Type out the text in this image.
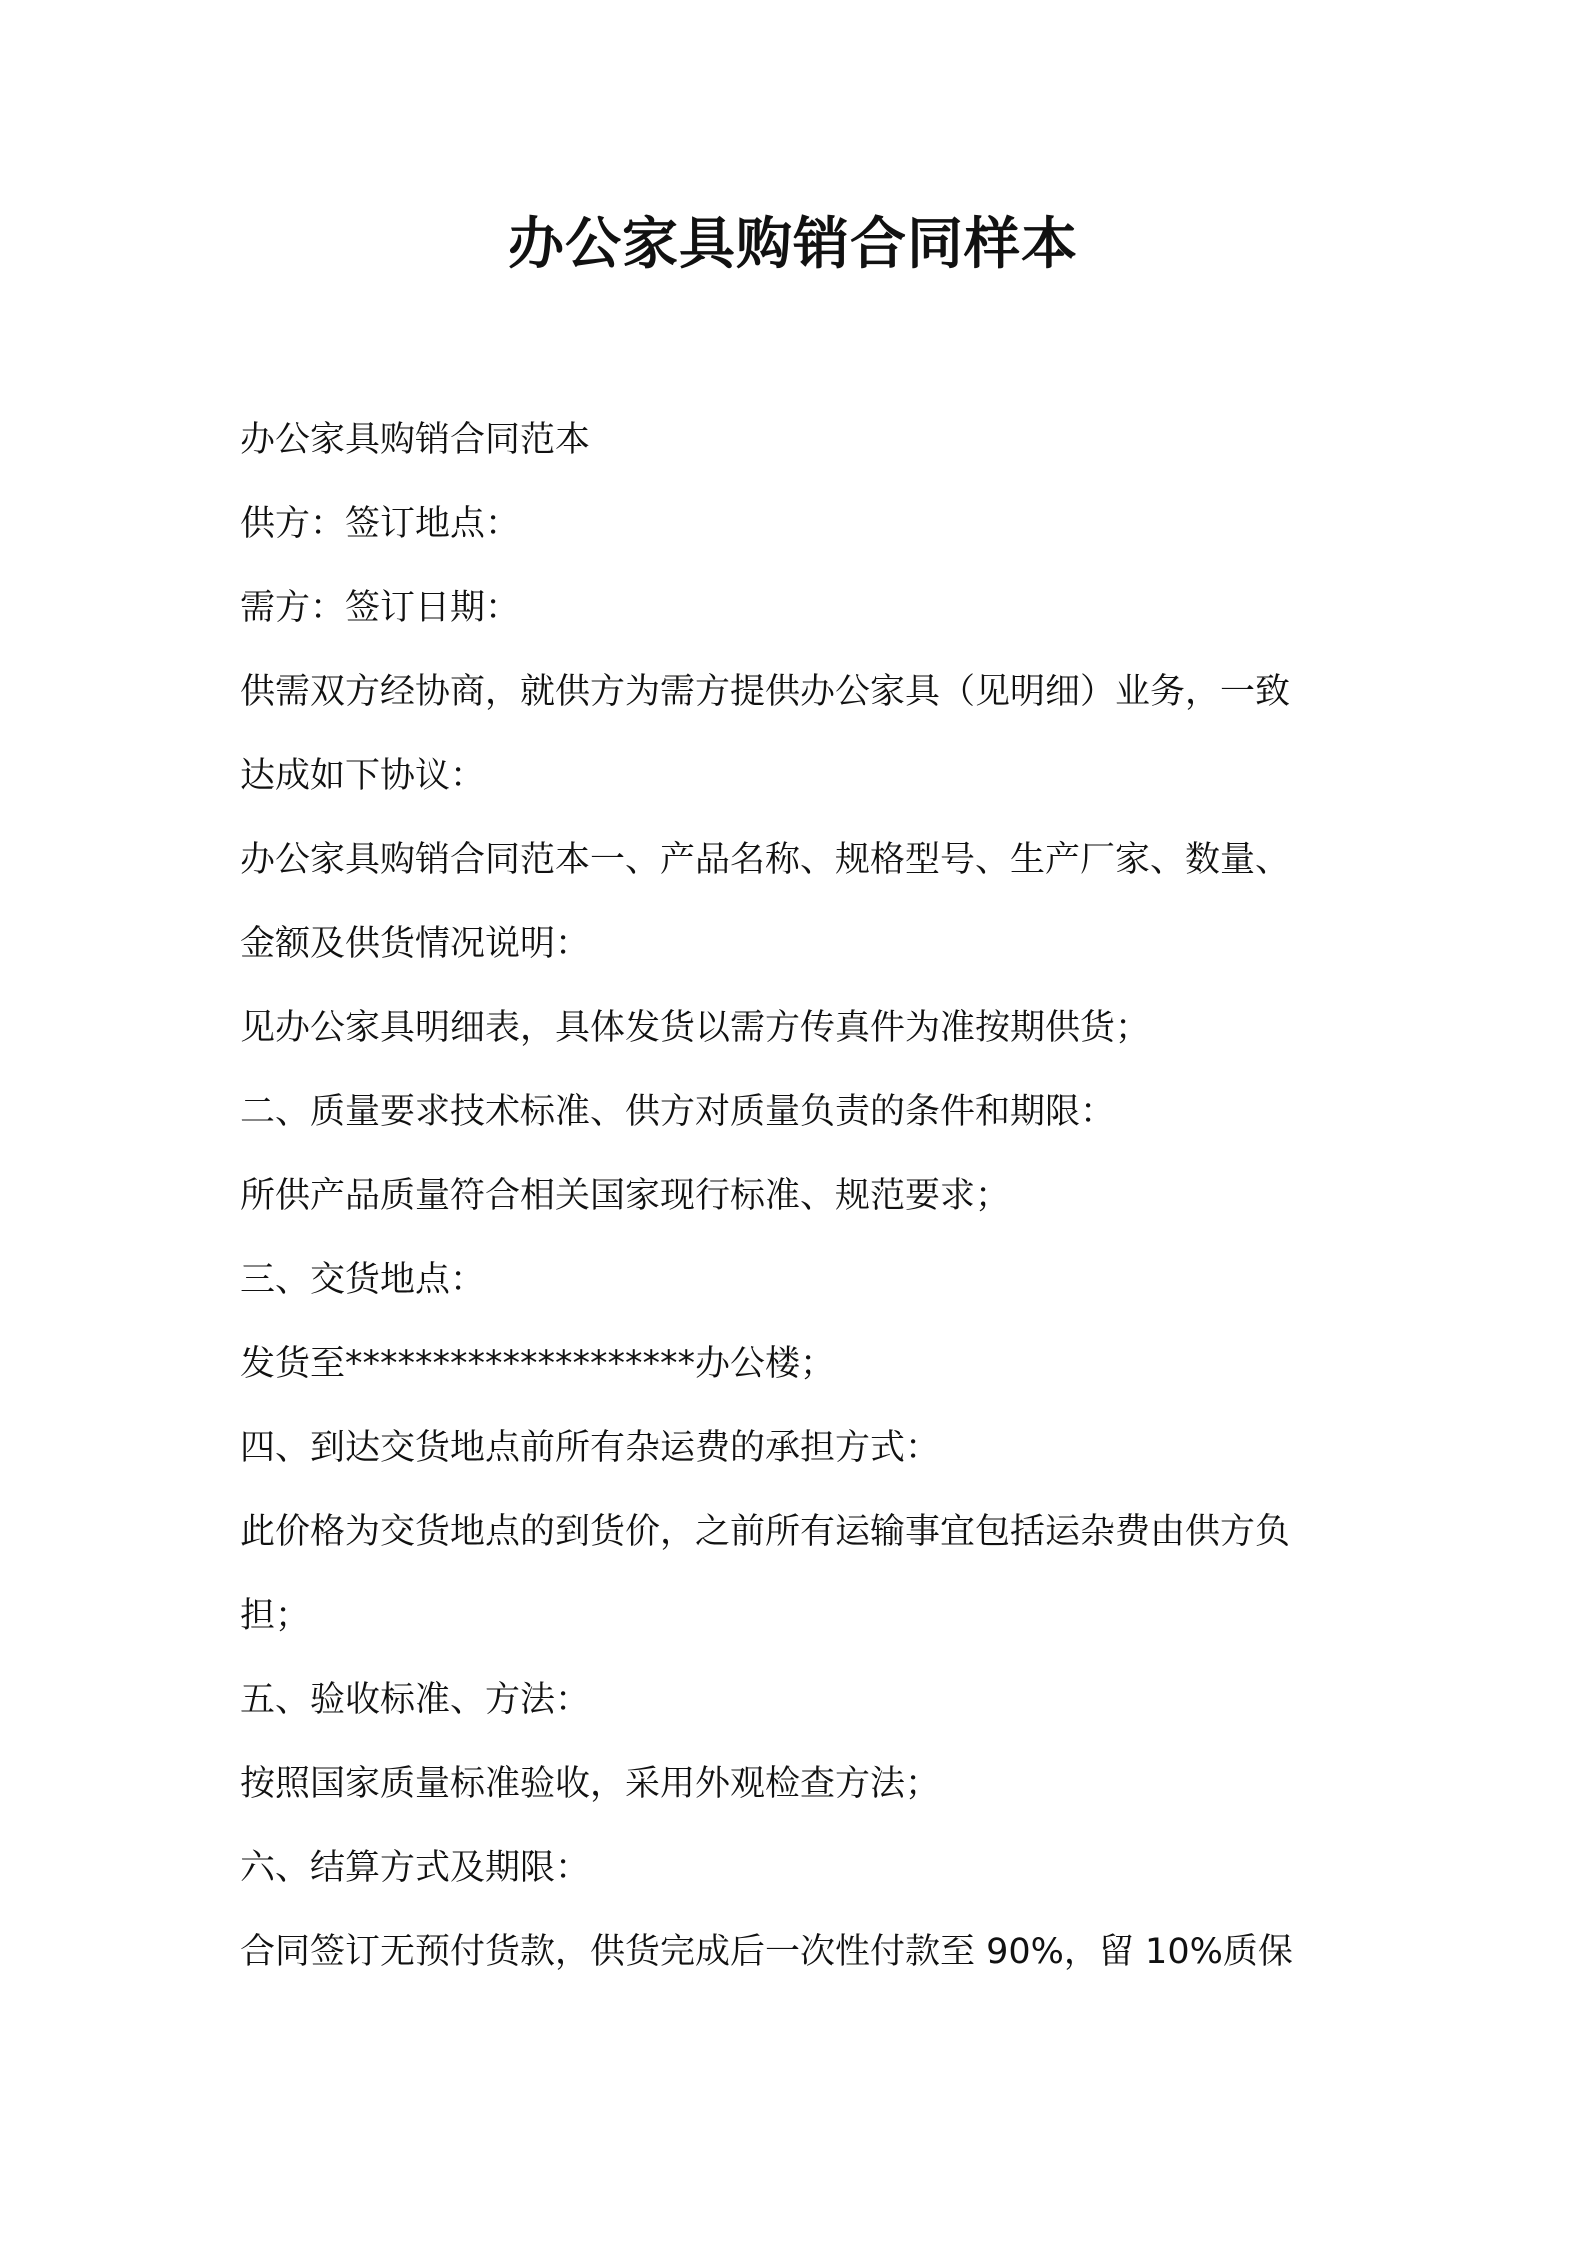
办公家具购销合同样本
办公家具购销合同范本
供方：签订地点：
需方：签订日期：
供需双方经协商，就供方为需方提供办公家具（见明细）业务，一致
达成如下协议：
办公家具购销合同范本一、产品名称、规格型号、生产厂家、数量、
金额及供货情况说明：
见办公家具明细表，具体发货以需方传真件为准按期供货；
二、质量要求技术标准、供方对质量负责的条件和期限：
所供产品质量符合相关国家现行标准、规范要求；
三、交货地点：
发货至********************办公楼；
四、到达交货地点前所有杂运费的承担方式：
此价格为交货地点的到货价，之前所有运输事宜包括运杂费由供方负
担；
五、验收标准、方法：
按照国家质量标准验收，采用外观检查方法；
六、结算方式及期限：
合同签订无预付货款，供货完成后一次性付款至 90%，留 10%质保
